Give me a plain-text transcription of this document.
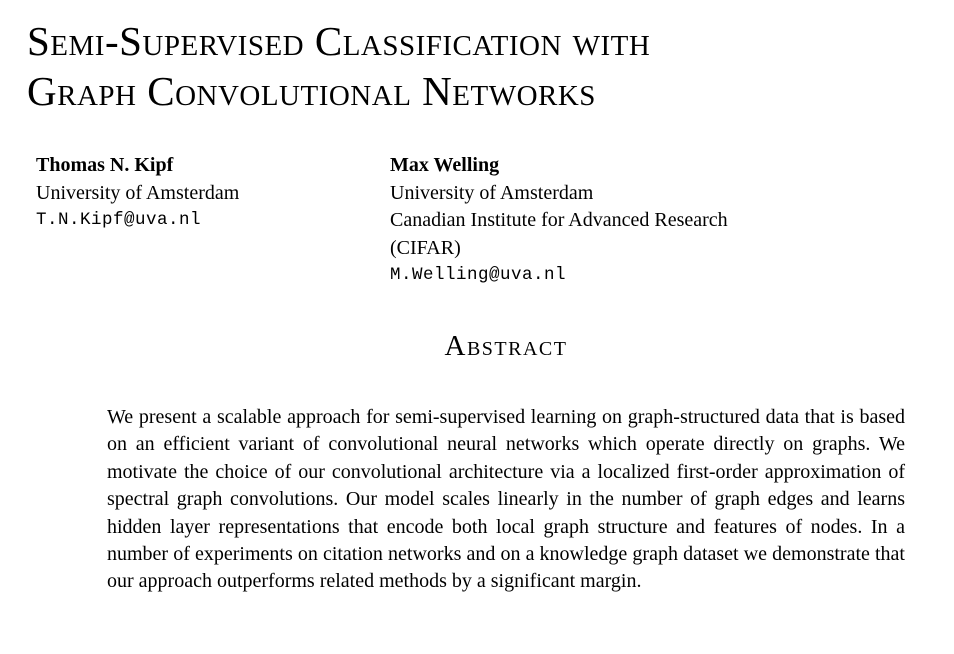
Semi-Supervised Classification with
Graph Convolutional Networks
Thomas N. Kipf
University of Amsterdam
T.N.Kipf@uva.nl
Max Welling
University of Amsterdam
Canadian Institute for Advanced Research (CIFAR)
M.Welling@uva.nl
Abstract

We present a scalable approach for semi-supervised learning on graph-structured data that is based on an efficient variant of convolutional neural networks which operate directly on graphs. We motivate the choice of our convolutional architecture via a localized first-order approximation of spectral graph convolutions. Our model scales linearly in the number of graph edges and learns hidden layer representations that encode both local graph structure and features of nodes. In a number of experiments on citation networks and on a knowledge graph dataset we demonstrate that our approach outperforms related methods by a significant margin.
